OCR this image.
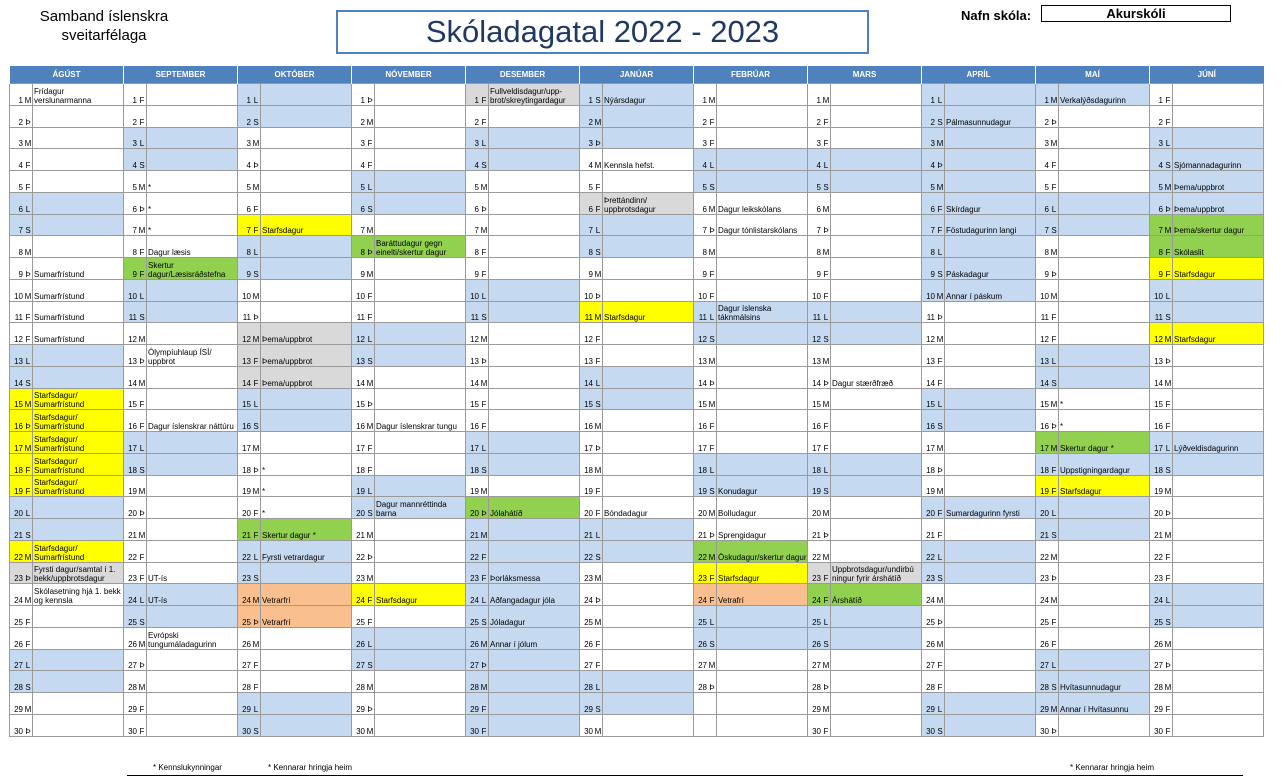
Samband íslenskra
sveitarfélaga	Skóladagatal 2022 - 2023	Nafn skóla:	Akurskóli
ÁGÚST		SEPTEMBER		OKTÓBER		NÓVEMBER		DESEMBER		JANÚAR		FEBRÚAR		MARS		APRÍL		MAÍ		JÚNÍ	
1 M	Frídagur verslunarmanna	1 F		1 L		1 Þ		1 F	Fullveldisdagur/upp- brot/skreytingardagur	1 S	Nýársdagur	1 M		1 M		1 L		1 M	Verkalýðsdagurinn	1 F	

2 Þ		2 F		2 S		2 M		2 F		2 M		2 F		2 F		2 S	Pálmasunnudagur	2 Þ		2 F	

3 M		3 L		3 M		3 F		3 L		3 Þ		3 F		3 F		3 M		3 M		3 L	

4 F		4 S		4 Þ		4 F		4 S		4 M	Kennsla hefst.	4 L		4 L		4 Þ		4 F		4 S	Sjómannadagurinn

5 F		5 M	*	5 M		5 L		5 M		5 F		5 S		5 S		5 M		5 F		5 M	Þema/uppbrot

6 L		6 Þ	*	6 F		6 S		6 Þ		6 F	Þrettándinn/ uppbrotsdagur	6 M	Dagur leikskólans	6 M		6 F	Skírdagur	6 L		6 Þ	Þema/uppbrot

7 S		7 M	*	7 F	Starfsdagur	7 M		7 M		7 L		7 Þ	Dagur tónlistarskólans	7 Þ		7 F	Föstudagurinn langi	7 S		7 M	Þema/skertur dagur

8 M		8 F	Dagur læsis	8 L		8 Þ	Baráttudagur gegn einelti/skertur dagur	8 F		8 S		8 M		8 M		8 L		8 M		8 F	Skólaslit

9 Þ	Sumarfrístund	9 F	Skertur dagur/Læsisráðstefna	9 S		9 M		9 F		9 M		9 F		9 F		9 S	Páskadagur	9 Þ		9 F	Starfsdagur

10 M	Sumarfrístund	10 L		10 M		10 F		10 L		10 Þ		10 F		10 F		10 M	Annar í páskum	10 M		10 L	

11 F	Sumarfrístund	11 S		11 Þ		11 F		11 S		11 M	Starfsdagur	11 L	Dagur íslenska táknmálsins	11 L		11 Þ		11 F		11 S	

12 F	Sumarfrístund	12 M		12 M	Þema/uppbrot	12 L		12 M		12 F		12 S		12 S		12 M		12 F		12 M	Starfsdagur

13 L		13 Þ	Ólympíuhlaup ÍSÍ/ uppbrot	13 F	Þema/uppbrot	13 S		13 Þ		13 F		13 M		13 M		13 F		13 L		13 Þ	

14 S		14 M		14 F	Þema/uppbrot	14 M		14 M		14 L		14 Þ		14 Þ	Dagur stærðfræð	14 F		14 S		14 M	

15 M	Starfsdagur/ Sumarfrístund	15 F		15 L		15 Þ		15 F		15 S		15 M		15 M		15 L		15 M	*	15 F	

16 Þ	Starfsdagur/ Sumarfrístund	16 F	Dagur íslenskrar náttúru	16 S		16 M	Dagur íslenskrar tungu	16 F		16 M		16 F		16 F		16 S		16 Þ	*	16 F	

17 M	Starfsdagur/ Sumarfrístund	17 L		17 M		17 F		17 L		17 Þ		17 F		17 F		17 M		17 M	Skertur dagur *	17 L	Lýðveldisdagurinn

18 F	Starfsdagur/ Sumarfrístund	18 S		18 Þ	*	18 F		18 S		18 M		18 L		18 L		18 Þ		18 F	Uppstigningardagur	18 S	

19 F	Starfsdagur/ Sumarfrístund	19 M		19 M	*	19 L		19 M		19 F		19 S	Konudagur	19 S		19 M		19 F	Starfsdagur	19 M	

20 L		20 Þ		20 F	*	20 S	Dagur mannréttinda barna	20 Þ	Jólahátíð	20 F	Bóndadagur	20 M	Bolludagur	20 M		20 F	Sumardagurinn fyrsti	20 L		20 Þ	

21 S		21 M		21 F	Skertur dagur *	21 M		21 M		21 L		21 Þ	Sprengidagur	21 Þ		21 F		21 S		21 M	

22 M	Starfsdagur/ Sumarfrístund	22 F		22 L	Fyrsti vetrardagur	22 Þ		22 F		22 S		22 M	Öskudagur/skertur dagur	22 M		22 L		22 M		22 F	

23 Þ	Fyrsti dagur/samtal í 1. bekk/uppbrotsdagur	23 F	UT-ís	23 S		23 M		23 F	Þorláksmessa	23 M		23 F	Starfsdagur	23 F	Uppbrotsdagur/undirbú ningur fyrir árshátíð	23 S		23 Þ		23 F	

24 M	Skólasetning hjá 1. bekk og kennsla	24 L	UT-ís	24 M	Vetrarfrí	24 F	Starfsdagur	24 L	Aðfangadagur jóla	24 Þ		24 F	Vetrafrí	24 F	Árshátíð	24 M		24 M		24 L	

25 F		25 S		25 Þ	Vetrarfrí	25 F		25 S	Jóladagur	25 M		25 L		25 L		25 Þ		25 F		25 S	

26 F		26 M	Evrópski tungumáladagurinn	26 M		26 L		26 M	Annar í jólum	26 F		26 S		26 S		26 M		26 F		26 M	

27 L		27 Þ		27 F		27 S		27 Þ		27 F		27 M		27 M		27 F		27 L		27 Þ	

28 S		28 M		28 F		28 M		28 M		28 L		28 Þ		28 Þ		28 F		28 S	Hvítasunnudagur	28 M	

29 M		29 F		29 L		29 Þ		29 F		29 S				29 M		29 L		29 M	Annar í Hvítasunnu	29 F	

30 Þ		30 F		30 S		30 M		30 F		30 M				30 F		30 S		30 Þ		30 F	
* Kennslukynningar	* Kennarar hringja heim	* Kennarar hringja heim
